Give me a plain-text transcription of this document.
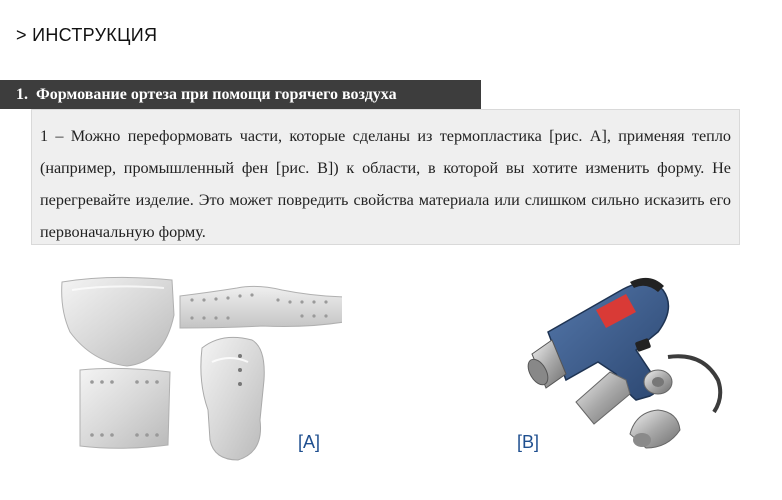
> ИНСТРУКЦИЯ
1. Формование ортеза при помощи горячего воздуха

1 – Можно переформовать части, которые сделаны из термопластика [рис. A], применяя тепло (например, промышленный фен [рис. B]) к области, в которой вы хотите изменить форму. Не перегревайте изделие. Это может повредить свойства материала или слишком сильно исказить его первоначальную форму.

[A]	[B]
